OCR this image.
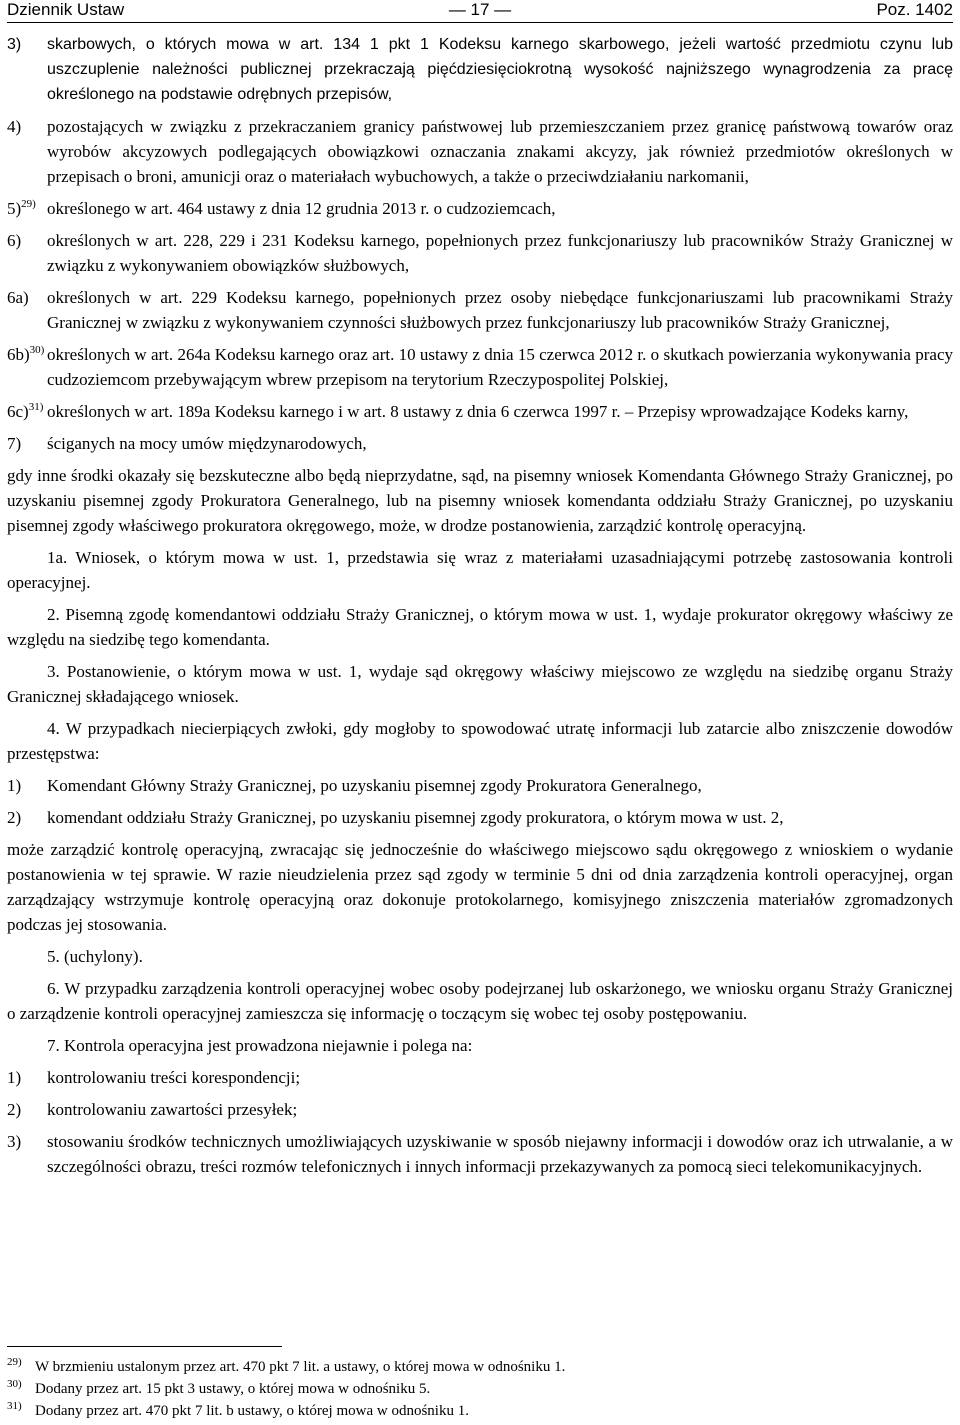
Dziennik Ustaw	— 17 —	Poz. 1402
3) skarbowych, o których mowa w art. 134 1 pkt 1 Kodeksu karnego skarbowego, jeżeli wartość przedmiotu czynu lub uszczuplenie należności publicznej przekraczają pięćdziesięciokrotną wysokość najniższego wynagrodzenia za pracę określonego na podstawie odrębnych przepisów,
4) pozostających w związku z przekraczaniem granicy państwowej lub przemieszczaniem przez granicę państwową towarów oraz wyrobów akcyzowych podlegających obowiązkowi oznaczania znakami akcyzy, jak również przedmiotów określonych w przepisach o broni, amunicji oraz o materiałach wybuchowych, a także o przeciwdziałaniu narkomanii,
5)$^{29)}$ określonego w art. 464 ustawy z dnia 12 grudnia 2013 r. o cudzoziemcach,
6) określonych w art. 228, 229 i 231 Kodeksu karnego, popełnionych przez funkcjonariuszy lub pracowników Straży Granicznej w związku z wykonywaniem obowiązków służbowych,
6a) określonych w art. 229 Kodeksu karnego, popełnionych przez osoby niebędące funkcjonariuszami lub pracownikami Straży Granicznej w związku z wykonywaniem czynności służbowych przez funkcjonariuszy lub pracowników Straży Granicznej,
6b)$^{30)}$ określonych w art. 264a Kodeksu karnego oraz art. 10 ustawy z dnia 15 czerwca 2012 r. o skutkach powierzania wykonywania pracy cudzoziemcom przebywającym wbrew przepisom na terytorium Rzeczypospolitej Polskiej,
6c)$^{31)}$ określonych w art. 189a Kodeksu karnego i w art. 8 ustawy z dnia 6 czerwca 1997 r. – Przepisy wprowadzające Kodeks karny,
7) ściganych na mocy umów międzynarodowych,
gdy inne środki okazały się bezskuteczne albo będą nieprzydatne, sąd, na pisemny wniosek Komendanta Głównego Straży Granicznej, po uzyskaniu pisemnej zgody Prokuratora Generalnego, lub na pisemny wniosek komendanta oddziału Straży Granicznej, po uzyskaniu pisemnej zgody właściwego prokuratora okręgowego, może, w drodze postanowienia, zarządzić kontrolę operacyjną.
1a. Wniosek, o którym mowa w ust. 1, przedstawia się wraz z materiałami uzasadniającymi potrzebę zastosowania kontroli operacyjnej.
2. Pisemną zgodę komendantowi oddziału Straży Granicznej, o którym mowa w ust. 1, wydaje prokurator okręgowy właściwy ze względu na siedzibę tego komendanta.
3. Postanowienie, o którym mowa w ust. 1, wydaje sąd okręgowy właściwy miejscowo ze względu na siedzibę organu Straży Granicznej składającego wniosek.
4. W przypadkach niecierpiących zwłoki, gdy mogłoby to spowodować utratę informacji lub zatarcie albo zniszczenie dowodów przestępstwa:
1) Komendant Główny Straży Granicznej, po uzyskaniu pisemnej zgody Prokuratora Generalnego,
2) komendant oddziału Straży Granicznej, po uzyskaniu pisemnej zgody prokuratora, o którym mowa w ust. 2,
może zarządzić kontrolę operacyjną, zwracając się jednocześnie do właściwego miejscowo sądu okręgowego z wnioskiem o wydanie postanowienia w tej sprawie. W razie nieudzielenia przez sąd zgody w terminie 5 dni od dnia zarządzenia kontroli operacyjnej, organ zarządzający wstrzymuje kontrolę operacyjną oraz dokonuje protokolarnego, komisyjnego zniszczenia materiałów zgromadzonych podczas jej stosowania.
5. (uchylony).
6. W przypadku zarządzenia kontroli operacyjnej wobec osoby podejrzanej lub oskarżonego, we wniosku organu Straży Granicznej o zarządzenie kontroli operacyjnej zamieszcza się informację o toczącym się wobec tej osoby postępowaniu.
7. Kontrola operacyjna jest prowadzona niejawnie i polega na:
1) kontrolowaniu treści korespondencji;
2) kontrolowaniu zawartości przesyłek;
3) stosowaniu środków technicznych umożliwiających uzyskiwanie w sposób niejawny informacji i dowodów oraz ich utrwalanie, a w szczególności obrazu, treści rozmów telefonicznych i innych informacji przekazywanych za pomocą sieci telekomunikacyjnych.
29) W brzmieniu ustalonym przez art. 470 pkt 7 lit. a ustawy, o której mowa w odnośniku 1.
30) Dodany przez art. 15 pkt 3 ustawy, o której mowa w odnośniku 5.
31) Dodany przez art. 470 pkt 7 lit. b ustawy, o której mowa w odnośniku 1.
